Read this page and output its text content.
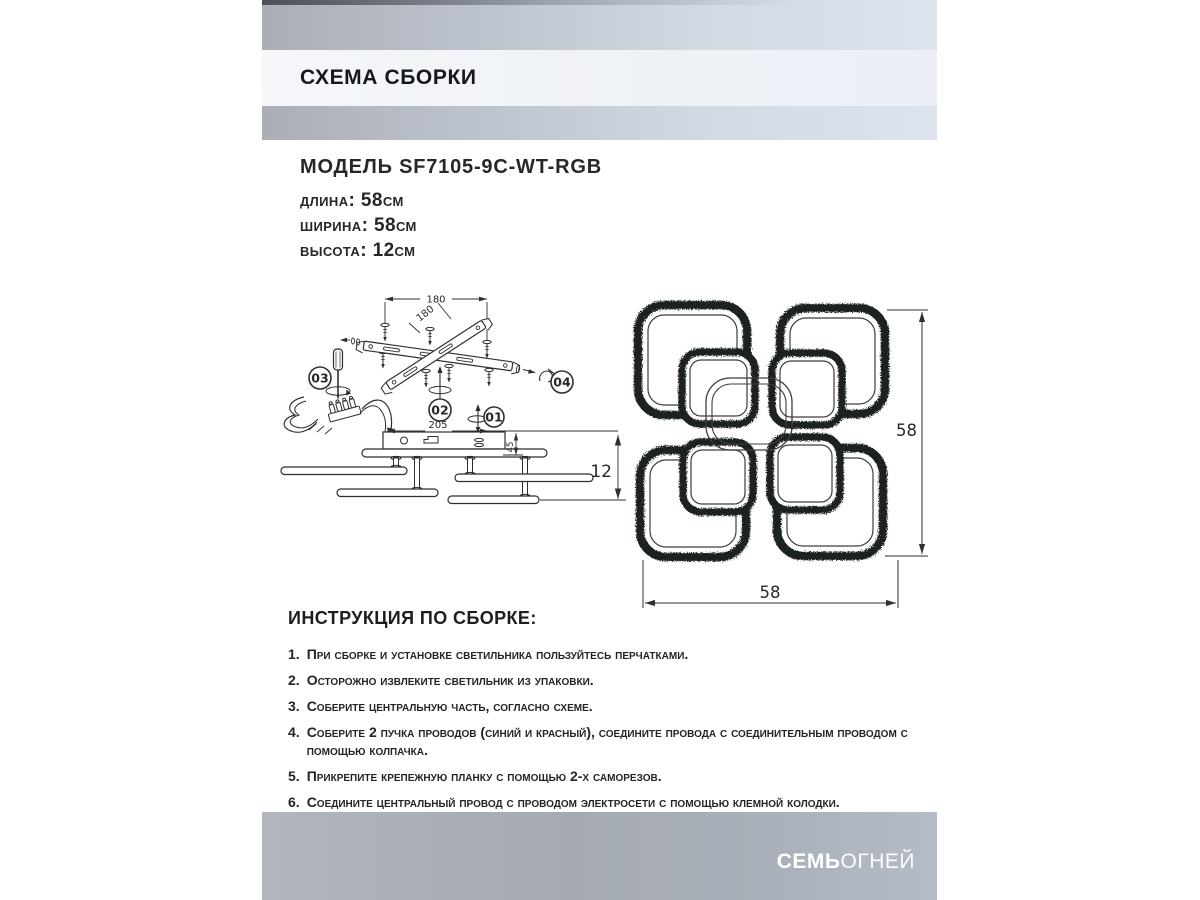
СХЕМА СБОРКИ
МОДЕЛЬ SF7105-9C-WT-RGB
длина: 58см
ширина: 58см
высота: 12см
180
180
03
02	01
04
205
45
12
58
58
ИНСТРУКЦИЯ ПО СБОРКЕ:
1. При сборке и установке светильника пользуйтесь перчатками.
2. Осторожно извлеките светильник из упаковки.
3. Соберите центральную часть, согласно схеме.
4. Соберите 2 пучка проводов (синий и красный), соедините провода с соединительным проводом с помощью колпачка.
5. Прикрепите крепежную планку с помощью 2-х саморезов.
6. Соедините центральный провод с проводом электросети с помощью клемной колодки.
СЕМЬОГНЕЙ
